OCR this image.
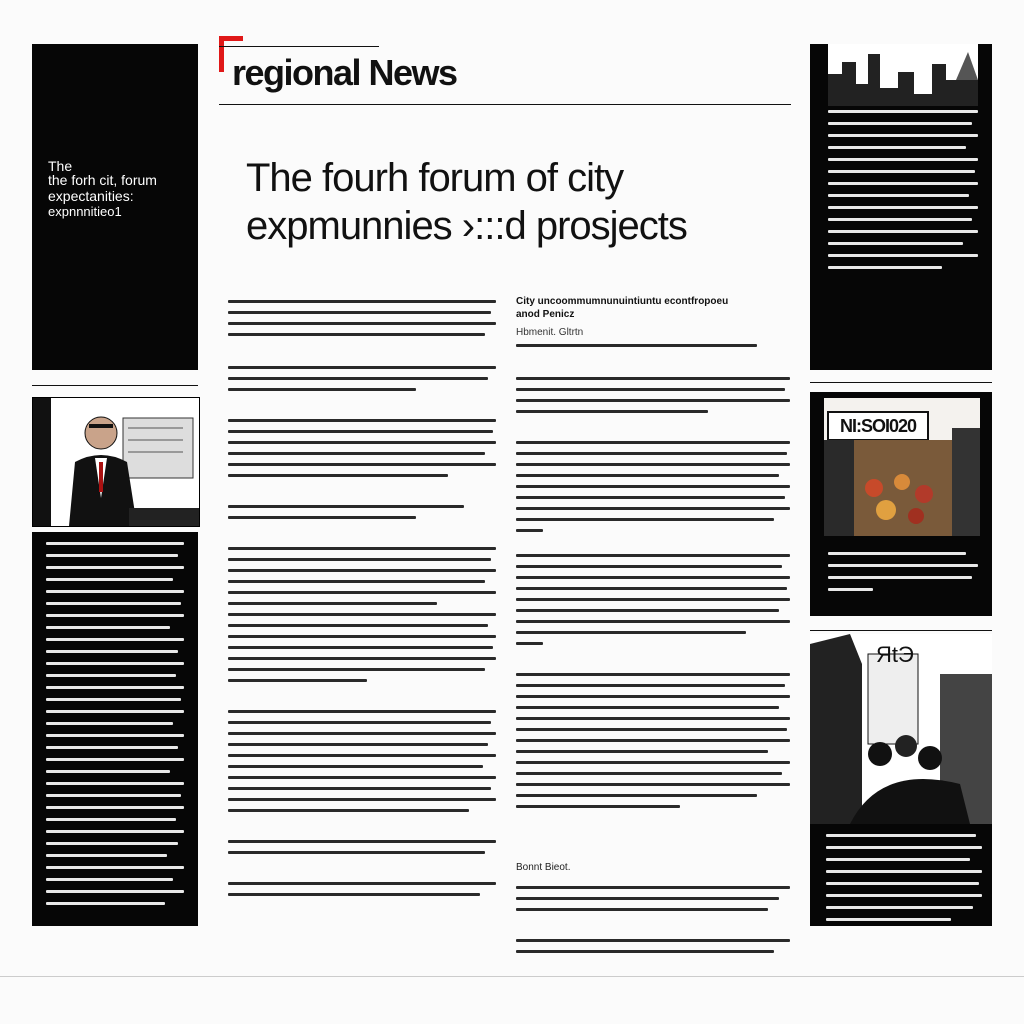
regional News
The fourh forum of city
expmunnies ›:::d prosjects
The
the forh cit, forum
expectanities:
expnnnitieo1
City uncoommumnunuintiuntu econtfropoeu
anod Penicz
Hbmenit. Gltrtn
Bonnt Bieot.
NI:SOI020
ЯtЭ
